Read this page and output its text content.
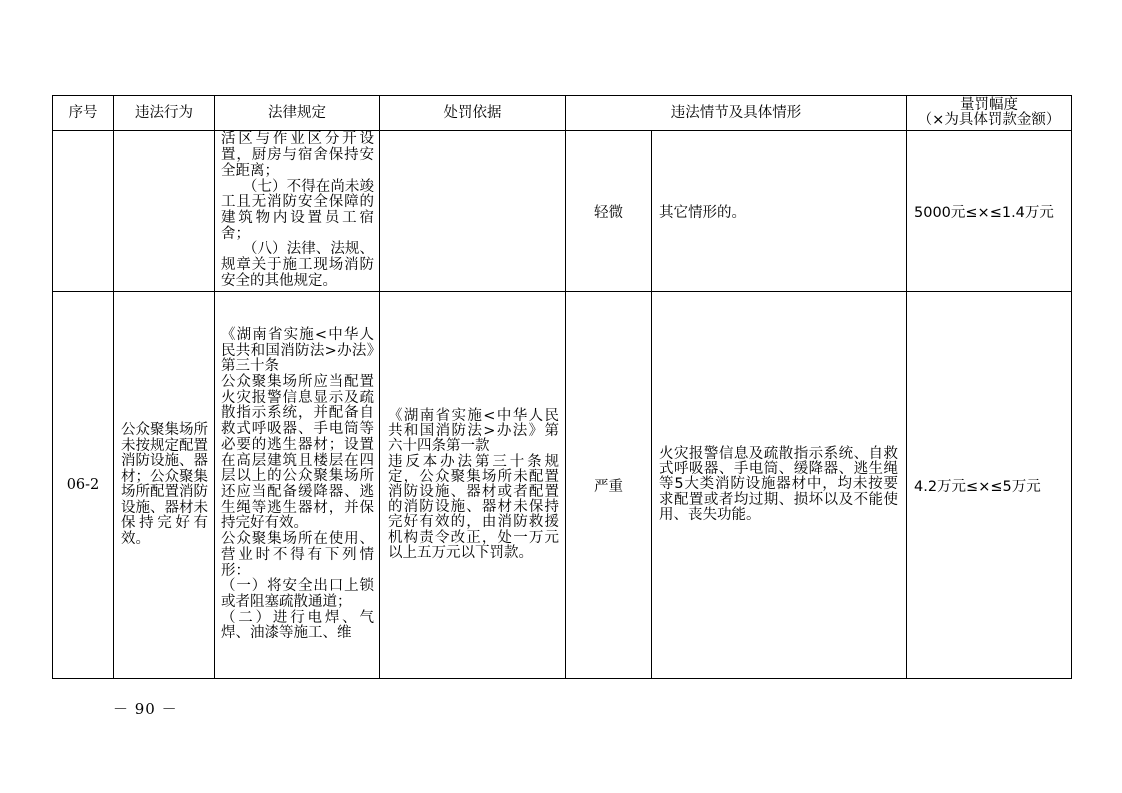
序号	违法行为	法律规定	处罚依据	违法情节及具体情形		量罚幅度
（×为具体罚款金额）

		活区与作业区分开设置，厨房与宿舍保持安全距离；
　　（七）不得在尚未竣工且无消防安全保障的建筑物内设置员工宿舍；
　　（八）法律、法规、规章关于施工现场消防安全的其他规定。		轻微	其它情形的。	5000元≤×≤1.4万元
06-2	公众聚集场所未按规定配置消防设施、器材；公众聚集场所配置消防设施、器材未保持完好有效。	《湖南省实施<中华人民共和国消防法>办法》第三十条
公众聚集场所应当配置火灾报警信息显示及疏散指示系统，并配备自救式呼吸器、手电筒等必要的逃生器材；设置在高层建筑且楼层在四层以上的公众聚集场所还应当配备缓降器、逃生绳等逃生器材，并保持完好有效。
公众聚集场所在使用、营业时不得有下列情形：
（一）将安全出口上锁或者阻塞疏散通道；
（二）进行电焊、气焊、油漆等施工、维	《湖南省实施<中华人民共和国消防法>办法》第六十四条第一款
违反本办法第三十条规定，公众聚集场所未配置消防设施、器材或者配置的消防设施、器材未保持完好有效的，由消防救援机构责令改正，处一万元以上五万元以下罚款。	严重	火灾报警信息及疏散指示系统、自救式呼吸器、手电筒、缓降器、逃生绳等5大类消防设施器材中，均未按要求配置或者均过期、损坏以及不能使用、丧失功能。	4.2万元≤×≤5万元
－ 90 －
